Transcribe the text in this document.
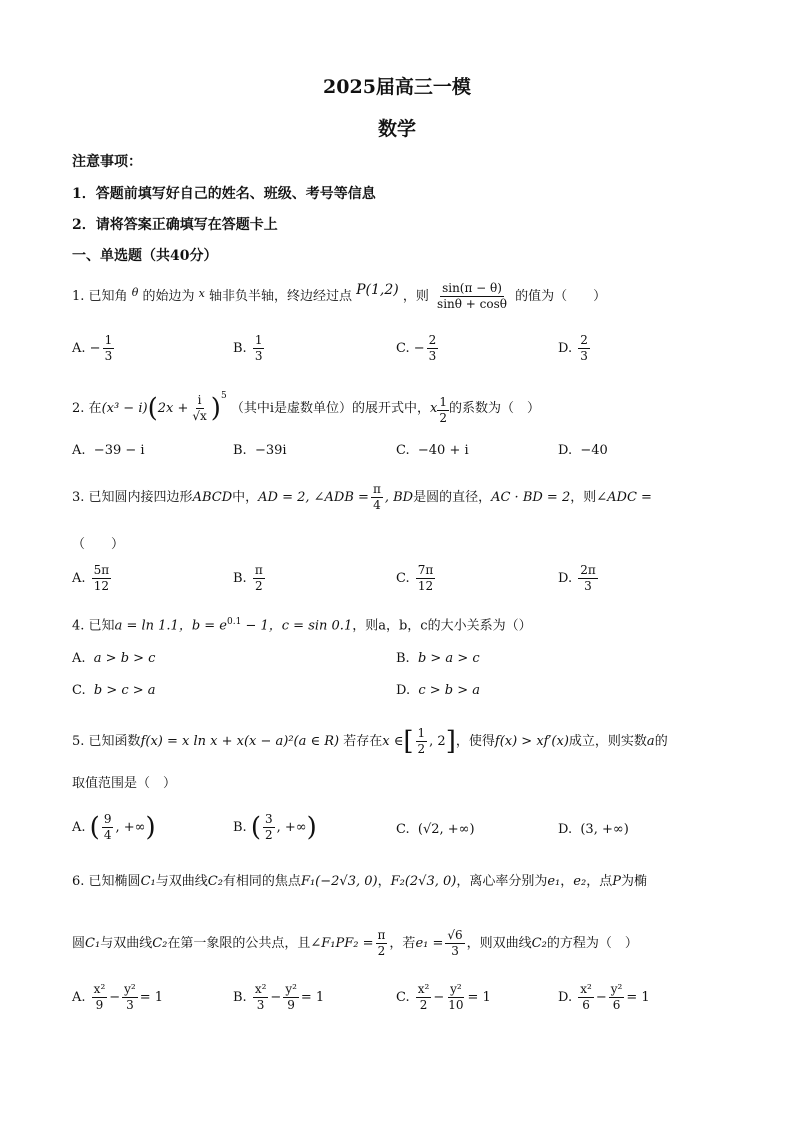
2025届高三一模
数学
注意事项：
1．答题前填写好自己的姓名、班级、考号等信息
2．请将答案正确填写在答题卡上
一、单选题（共40分）
1. 已知角 $^\theta$ 的始边为 $^x$ 轴非负半轴，终边经过点 P(1,2) ，则 $\frac{\sin(\pi - \theta)}{\sin\theta + \cos\theta}$ 的值为（　　）
A. − $\frac{1}{3}$	B. $\frac{1}{3}$	C. − $\frac{2}{3}$	D. $\frac{2}{3}$
2. 在$(x^3 - i)(2x + \frac{i}{√x} )^5$ （其中i是虚数单位）的展开式中，x $\frac{1}{2}$ 的系数为（　）
A. −39 − i	B. −39i	C. −40 + i	D. −40
3. 已知圆内接四边形ABCD中，AD = 2, ∠ADB = $\frac{\pi}{4}$ , BD是圆的直径，AC · BD = 2，则∠ADC =
（　　）
A. $\frac{5\pi}{12}$	B. $\frac{\pi}{2}$	C. $\frac{7\pi}{12}$	D. $\frac{2\pi}{3}$
4. 已知a = ln 1.1，$b = e^{0.1} - 1$，c = sin 0.1，则a，b，c的大小关系为（）
A. a > b > c	B. b > a > c
C. b > c > a	D. c > b > a
5. 已知函数f(x) = x ln x + x(x − a)²(a ∈ R) 若存在x ∈[ $\frac{1}{2}$ , 2]，使得f(x) > xf′(x)成立，则实数a的
取值范围是（　）
A. ( $\frac{9}{4}$ , +∞)	B. ( $\frac{3}{2}$ , +∞)	C. (√2, +∞)	D. (3, +∞)
6. 已知椭圆C₁与双曲线C₂有相同的焦点F₁(−2√3, 0)，F₂(2√3, 0)，离心率分别为e₁，e₂，点P为椭
圆C₁与双曲线C₂在第一象限的公共点，且∠F₁PF₂ = $\frac{\pi}{2}$ ，若$e_1 = \frac{√6}{3}$ ，则双曲线C₂的方程为（　）
A. $\frac{\text{x²}}{9} - \frac{\text{y²}}{3} = 1$	B. $\frac{\text{x²}}{3} - \frac{\text{y²}}{9} = 1$	C. $\frac{\text{x²}}{2} - \frac{\text{y²}}{10} = 1$	D. $\frac{\text{x²}}{6} - \frac{\text{y²}}{6} = 1$
